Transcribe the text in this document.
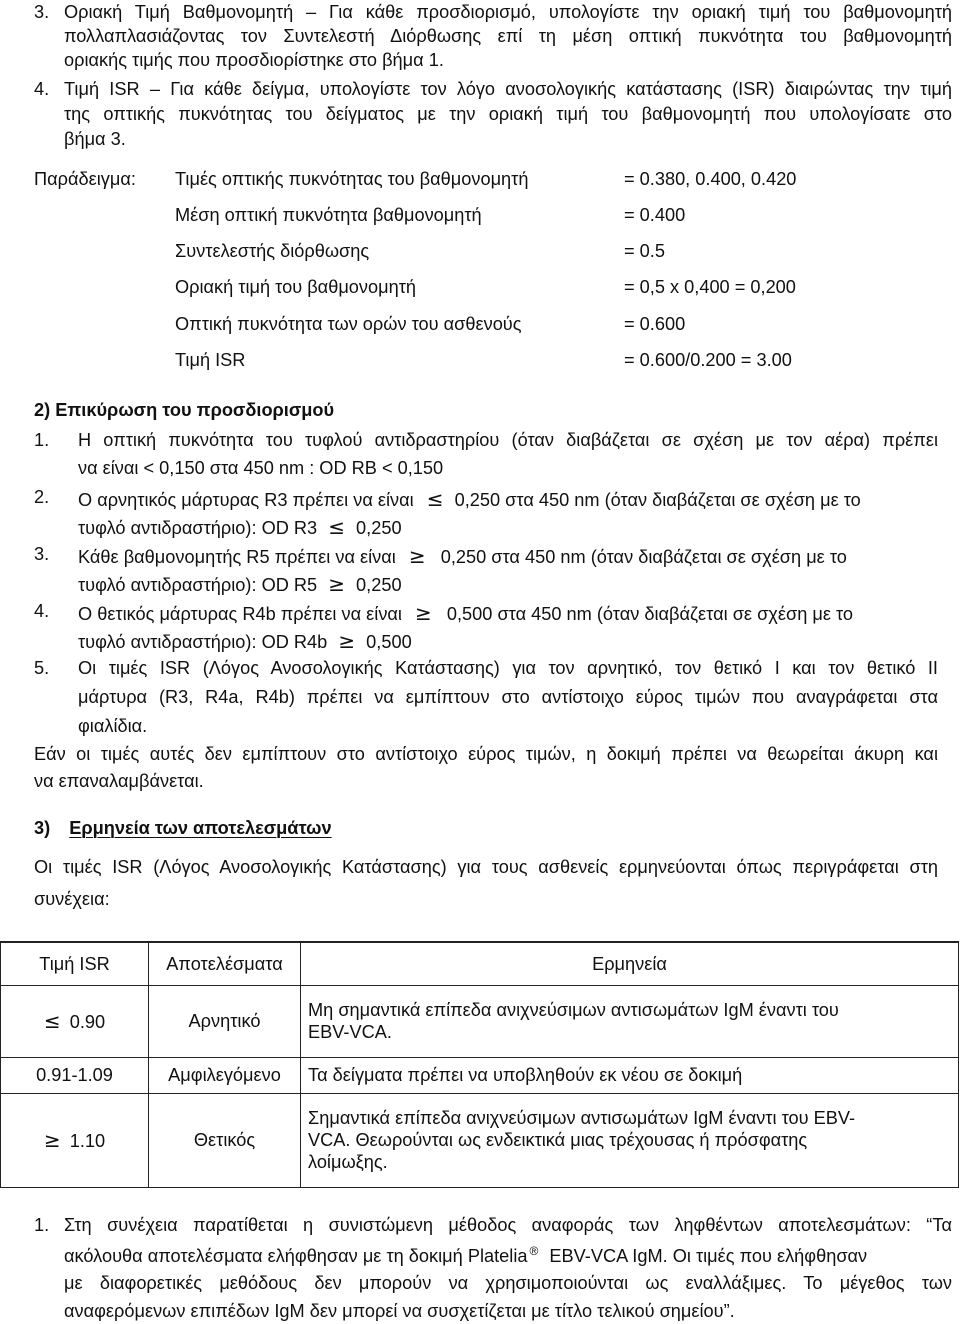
3. Οριακή Τιμή Βαθμονομητή – Για κάθε προσδιορισμό, υπολογίστε την οριακή τιμή του βαθμονομητή
πολλαπλασιάζοντας τον Συντελεστή Διόρθωσης επί τη μέση οπτική πυκνότητα του βαθμονομητή
οριακής τιμής που προσδιορίστηκε στο βήμα 1.
4. Τιμή ISR – Για κάθε δείγμα, υπολογίστε τον λόγο ανοσολογικής κατάστασης (ISR) διαιρώντας την τιμή
της οπτικής πυκνότητας του δείγματος με την οριακή τιμή του βαθμονομητή που υπολογίσατε στο
βήμα 3.
Παράδειγμα: Τιμές οπτικής πυκνότητας του βαθμονομητή	= 0.380, 0.400, 0.420
Μέση οπτική πυκνότητα βαθμονομητή	= 0.400
Συντελεστής διόρθωσης	= 0.5
Οριακή τιμή του βαθμονομητή	= 0,5 x 0,400 = 0,200
Οπτική πυκνότητα των ορών του ασθενούς	= 0.600
Τιμή ISR	= 0.600/0.200 = 3.00
2) Επικύρωση του προσδιορισμού
1. Η οπτική πυκνότητα του τυφλού αντιδραστηρίου (όταν διαβάζεται σε σχέση με τον αέρα) πρέπει
να είναι < 0,150 στα 450 nm : OD RB < 0,150
2. Ο αρνητικός μάρτυρας R3 πρέπει να είναι ≤ 0,250 στα 450 nm (όταν διαβάζεται σε σχέση με το
τυφλό αντιδραστήριο): OD R3 ≤ 0,250
3. Κάθε βαθμονομητής R5 πρέπει να είναι ≥ 0,250 στα 450 nm (όταν διαβάζεται σε σχέση με το
τυφλό αντιδραστήριο): OD R5 ≥ 0,250
4. Ο θετικός μάρτυρας R4b πρέπει να είναι ≥ 0,500 στα 450 nm (όταν διαβάζεται σε σχέση με το
τυφλό αντιδραστήριο): OD R4b ≥ 0,500
5. Οι τιμές ISR (Λόγος Ανοσολογικής Κατάστασης) για τον αρνητικό, τον θετικό I και τον θετικό II
μάρτυρα (R3, R4a, R4b) πρέπει να εμπίπτουν στο αντίστοιχο εύρος τιμών που αναγράφεται στα
φιαλίδια.
Εάν οι τιμές αυτές δεν εμπίπτουν στο αντίστοιχο εύρος τιμών, η δοκιμή πρέπει να θεωρείται άκυρη και
να επαναλαμβάνεται.
3) Ερμηνεία των αποτελεσμάτων
Οι τιμές ISR (Λόγος Ανοσολογικής Κατάστασης) για τους ασθενείς ερμηνεύονται όπως περιγράφεται στη
συνέχεια:
Τιμή ISR	Αποτελέσματα	Ερμηνεία
≤ 0.90	Αρνητικό	Μη σημαντικά επίπεδα ανιχνεύσιμων αντισωμάτων IgM έναντι του
EBV-VCA.

0.91-1.09	Αμφιλεγόμενο	Τα δείγματα πρέπει να υποβληθούν εκ νέου σε δοκιμή
≥ 1.10	Θετικός	Σημαντικά επίπεδα ανιχνεύσιμων αντισωμάτων IgM έναντι του EBV-
VCA. Θεωρούνται ως ενδεικτικά μιας τρέχουσας ή πρόσφατης
λοίμωξης.
1. Στη συνέχεια παρατίθεται η συνιστώμενη μέθοδος αναφοράς των ληφθέντων αποτελεσμάτων: “Τα
ακόλουθα αποτελέσματα ελήφθησαν με τη δοκιμή Platelia ® EBV-VCA IgM. Οι τιμές που ελήφθησαν
με διαφορετικές μεθόδους δεν μπορούν να χρησιμοποιούνται ως εναλλάξιμες. Το μέγεθος των
αναφερόμενων επιπέδων IgM δεν μπορεί να συσχετίζεται με τίτλο τελικού σημείου”.
